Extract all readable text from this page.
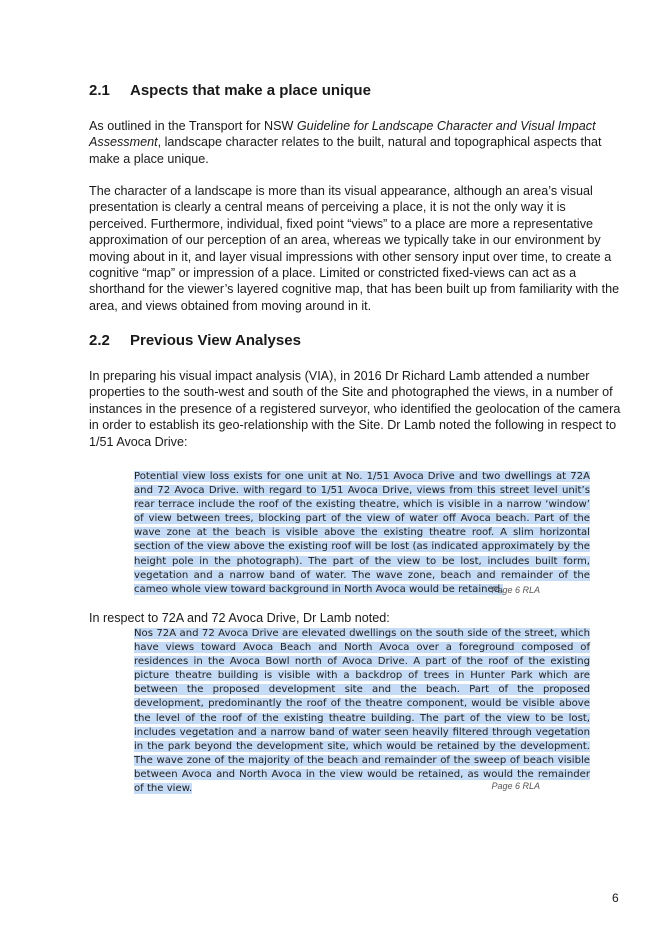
2.1	Aspects that make a place unique

As outlined in the Transport for NSW Guideline for Landscape Character and Visual Impact Assessment, landscape character relates to the built, natural and topographical aspects that make a place unique.

The character of a landscape is more than its visual appearance, although an area’s visual presentation is clearly a central means of perceiving a place, it is not the only way it is perceived. Furthermore, individual, fixed point “views” to a place are more a representative approximation of our perception of an area, whereas we typically take in our environment by moving about in it, and layer visual impressions with other sensory input over time, to create a cognitive “map” or impression of a place. Limited or constricted fixed-views can act as a shorthand for the viewer’s layered cognitive map, that has been built up from familiarity with the area, and views obtained from moving around in it.

2.2	Previous View Analyses

In preparing his visual impact analysis (VIA), in 2016 Dr Richard Lamb attended a number properties to the south-west and south of the Site and photographed the views, in a number of instances in the presence of a registered surveyor, who identified the geolocation of the camera in order to establish its geo-relationship with the Site. Dr Lamb noted the following in respect to 1/51 Avoca Drive:

Potential view loss exists for one unit at No. 1/51 Avoca Drive and two dwellings at 72A and 72 Avoca Drive. with regard to 1/51 Avoca Drive, views from this street level unit’s rear terrace include the roof of the existing theatre, which is visible in a narrow ‘window’ of view between trees, blocking part of the view of water off Avoca beach. Part of the wave zone at the beach is visible above the existing theatre roof. A slim horizontal section of the view above the existing roof will be lost (as indicated approximately by the height pole in the photograph). The part of the view to be lost, includes built form, vegetation and a narrow band of water. The wave zone, beach and remainder of the cameo whole view toward background in North Avoca would be retained.

Page 6 RLA

In respect to 72A and 72 Avoca Drive, Dr Lamb noted:

Nos 72A and 72 Avoca Drive are elevated dwellings on the south side of the street, which have views toward Avoca Beach and North Avoca over a foreground composed of residences in the Avoca Bowl north of Avoca Drive. A part of the roof of the existing picture theatre building is visible with a backdrop of trees in Hunter Park which are between the proposed development site and the beach. Part of the proposed development, predominantly the roof of the theatre component, would be visible above the level of the roof of the existing theatre building. The part of the view to be lost, includes vegetation and a narrow band of water seen heavily filtered through vegetation in the park beyond the development site, which would be retained by the development. The wave zone of the majority of the beach and remainder of the sweep of beach visible between Avoca and North Avoca in the view would be retained, as would the remainder of the view.	Page 6 RLA
6
